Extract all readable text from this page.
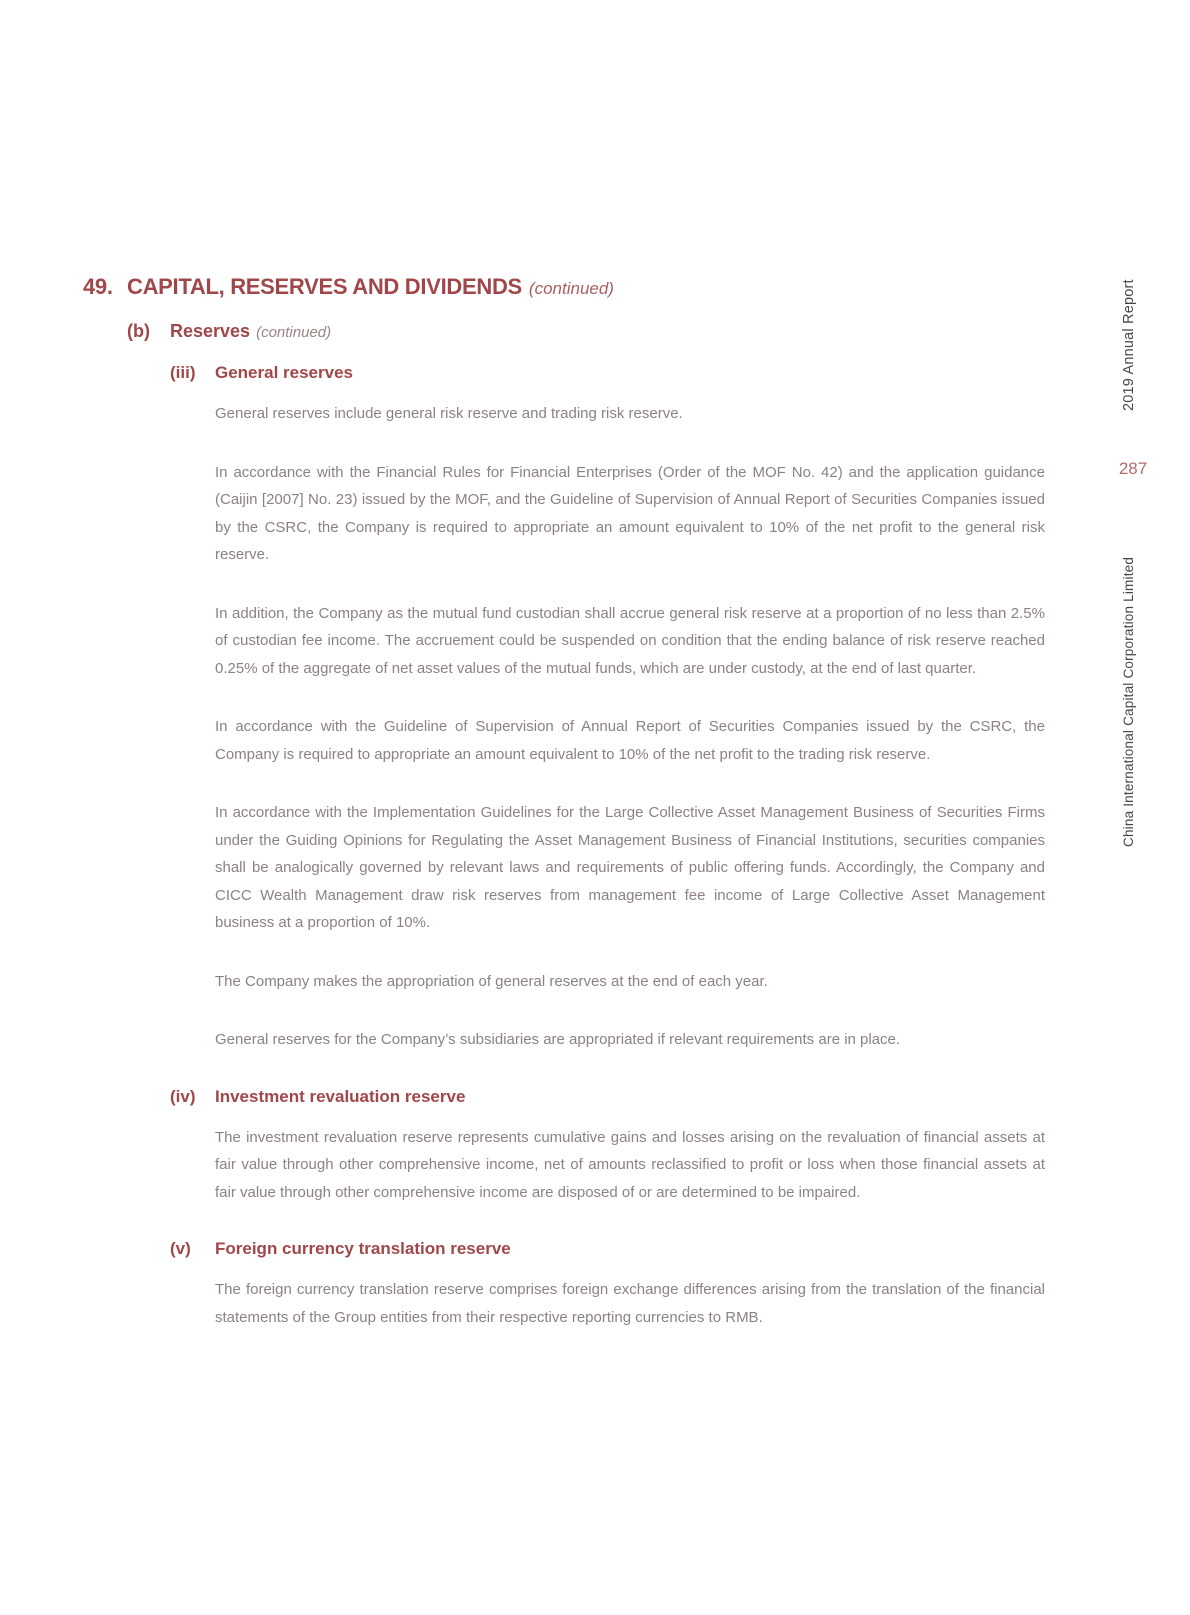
49. CAPITAL, RESERVES AND DIVIDENDS (continued)
(b) Reserves (continued)
(iii)	General reserves

General reserves include general risk reserve and trading risk reserve.

In accordance with the Financial Rules for Financial Enterprises (Order of the MOF No. 42) and the application guidance (Caijin [2007] No. 23) issued by the MOF, and the Guideline of Supervision of Annual Report of Securities Companies issued by the CSRC, the Company is required to appropriate an amount equivalent to 10% of the net profit to the general risk reserve.

In addition, the Company as the mutual fund custodian shall accrue general risk reserve at a proportion of no less than 2.5% of custodian fee income. The accruement could be suspended on condition that the ending balance of risk reserve reached 0.25% of the aggregate of net asset values of the mutual funds, which are under custody, at the end of last quarter.

In accordance with the Guideline of Supervision of Annual Report of Securities Companies issued by the CSRC, the Company is required to appropriate an amount equivalent to 10% of the net profit to the trading risk reserve.

In accordance with the Implementation Guidelines for the Large Collective Asset Management Business of Securities Firms under the Guiding Opinions for Regulating the Asset Management Business of Financial Institutions, securities companies shall be analogically governed by relevant laws and requirements of public offering funds. Accordingly, the Company and CICC Wealth Management draw risk reserves from management fee income of Large Collective Asset Management business at a proportion of 10%.

The Company makes the appropriation of general reserves at the end of each year.

General reserves for the Company’s subsidiaries are appropriated if relevant requirements are in place.

(iv)	Investment revaluation reserve

The investment revaluation reserve represents cumulative gains and losses arising on the revaluation of financial assets at fair value through other comprehensive income, net of amounts reclassified to profit or loss when those financial assets at fair value through other comprehensive income are disposed of or are determined to be impaired.

(v)	Foreign currency translation reserve

The foreign currency translation reserve comprises foreign exchange differences arising from the translation of the financial statements of the Group entities from their respective reporting currencies to RMB.

2019 Annual Report
287
China International Capital Corporation Limited
